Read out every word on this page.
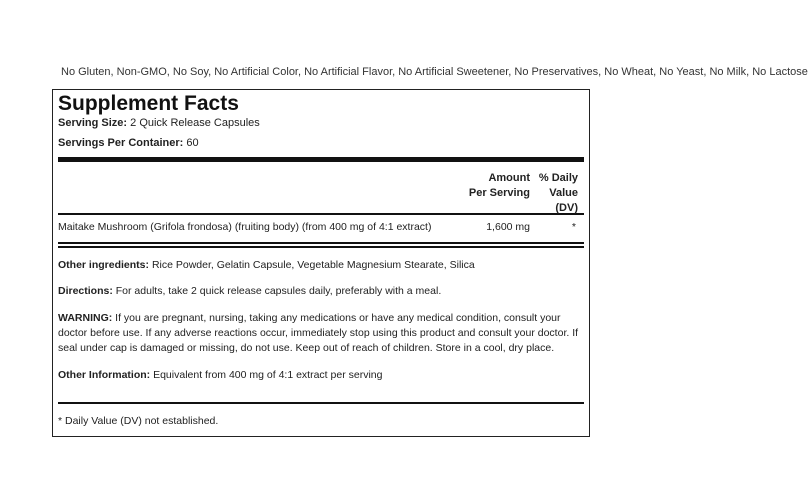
No Gluten, Non-GMO, No Soy, No Artificial Color, No Artificial Flavor, No Artificial Sweetener, No Preservatives, No Wheat, No Yeast, No Milk, No Lactose
Supplement Facts
Serving Size: 2 Quick Release Capsules
Servings Per Container: 60
Amount
Per Serving
% Daily
Value
(DV)
Maitake Mushroom (Grifola frondosa) (fruiting body) (from 400 mg of 4:1 extract)	1,600 mg	*
Other ingredients: Rice Powder, Gelatin Capsule, Vegetable Magnesium Stearate, Silica
Directions: For adults, take 2 quick release capsules daily, preferably with a meal.
WARNING: If you are pregnant, nursing, taking any medications or have any medical condition, consult your doctor before use. If any adverse reactions occur, immediately stop using this product and consult your doctor. If seal under cap is damaged or missing, do not use. Keep out of reach of children. Store in a cool, dry place.
Other Information: Equivalent from 400 mg of 4:1 extract per serving
* Daily Value (DV) not established.
